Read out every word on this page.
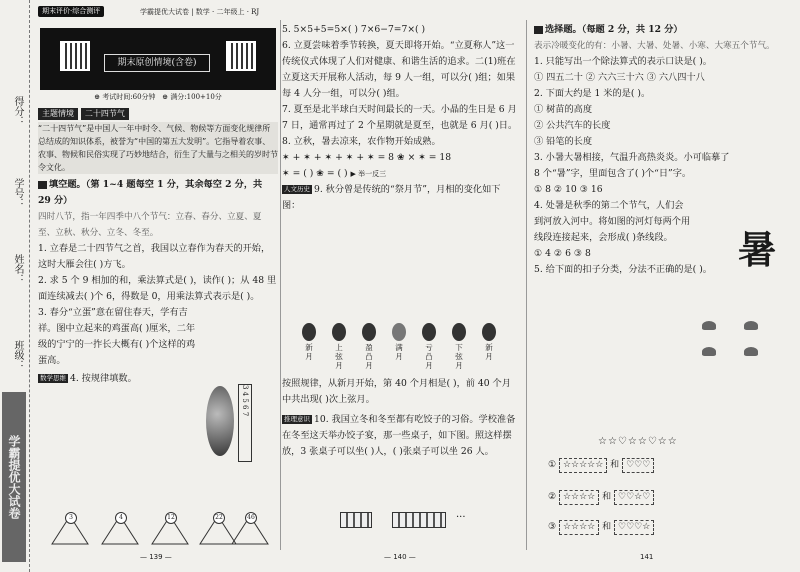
得分：
学号：
姓名：
班级：
学霸提优大试卷
期末评价·综合测评	学霸提优大试卷 | 数学 · 二年级上 · RJ
期末原创情境(含卷)
⊕ 考试时间:60分钟   ⊕ 满分:100+10分

主题情境 二十四节气

“二十四节气”是中国人一年中时令、气候、物候等方面变化规律所总结成的知识体系，被誉为“中国的第五大发明”。它指导着农事、农事、物候和民俗实现了巧妙地结合，衍生了大量与之相关的岁时节令文化。

填空题。（第 1~4 题每空 1 分，其余每空 2 分，共 29 分）

四时八节，指一年四季中八个节气：立春、春分、立夏、夏至、立秋、秋分、立冬、冬至。

1. 立春是二十四节气之首，我国以立春作为春天的开始，这时大雁会往( )方飞。

2. 求 5 个 9 相加的和，乘法算式是( )，读作( )；从 48 里面连续减去( )个 6，得数是 0，用乘法算式表示是( )。

3. 春分“立蛋”意在留住春天，学有吉祥。图中立起来的鸡蛋高( )厘米，二年级的宁宁的一拃长大概有( )个这样的鸡蛋高。

数学思维 4. 按规律填数。

3 4 5 6 7
3	4	12	22	46

5. 5×5+5=5×( ) 7×6−7=7×( )

6. 立夏尝味着季节转换，夏天即将开始。“立夏称人”这一传统仪式体现了人们对健康、和谐生活的追求。二(1)班在立夏这天开展称人活动，每 9 人一组，可以分( )组；如果每 4 人分一组，可以分( )组。

7. 夏至是北半球白天时间最长的一天。小晶的生日是 6 月 7 日，通常再过了 2 个星期就是夏至，也就是 6 月( )日。

8. 立秋，暑去凉来，农作物开始成熟。

✶ + ✶ + ✶ + ✶ + ✶ = 8 ❀ × ✶ = 18

✶ = ( ) ❀ = ( ) ▶ 举一反三

人文历史 9. 秋分曾是传统的“祭月节”，月相的变化如下图：

新月
上弦月
盈凸月
满月
亏凸月
下弦月
新月

按照规律，从新月开始，第 40 个月相是( )，前 40 个月中共出现( )次上弦月。

推理意识 10. 我国立冬和冬至都有吃饺子的习俗。学校准备在冬至这天举办饺子宴，那一些桌子，如下图。照这样摆放，3 张桌子可以坐( )人，( )张桌子可以坐 26 人。

···

选择题。（每题 2 分，共 12 分）

表示冷暖变化的有：小暑、大暑、处暑、小寒、大寒五个节气。

1. 只能写出一个除法算式的表示口诀是( )。

① 四五二十 ② 六六三十六 ③ 六八四十八

2. 下面大约是 1 米的是( )。

① 树苗的高度

② 公共汽车的长度

③ 铅笔的长度

3. 小暑大暑相接，气温升高热炎炎。小可临摹了 8 个“暑”字，里面包含了( )个“日”字。

① 8 ② 10 ③ 16

4. 处暑是秋季的第二个节气，人们会到河放入河中。将如图的河灯每两个用线段连接起来，会形成( )条线段。

① 4 ② 6 ③ 8

5. 给下面的扣子分类，分法不正确的是( )。 暑
☆☆♡☆☆♡☆☆
① ☆☆☆☆☆ 和 ♡♡♡
② ☆☆☆☆ 和 ♡♡☆♡
③ ☆☆☆☆ 和 ♡♡♡☆
— 139 —	— 140 —	141
